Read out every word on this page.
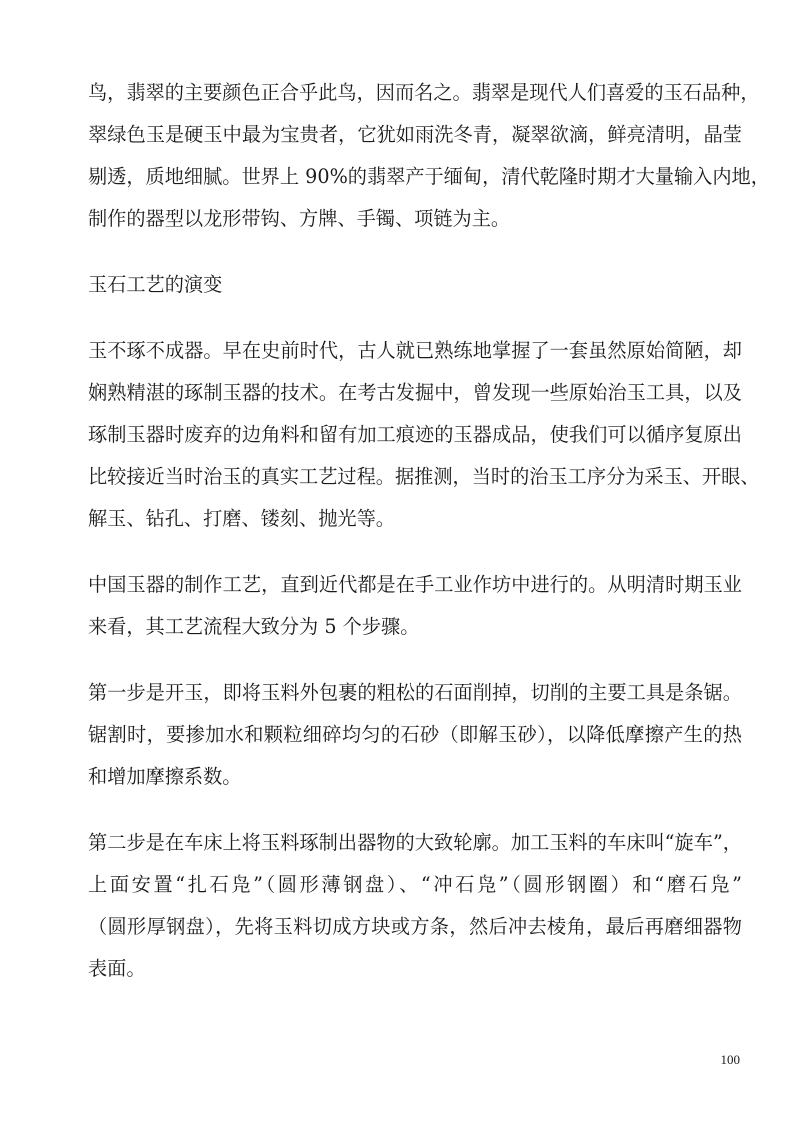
鸟，翡翠的主要颜色正合乎此鸟，因而名之。翡翠是现代人们喜爱的玉石品种，
翠绿色玉是硬玉中最为宝贵者，它犹如雨洗冬青，凝翠欲滴，鲜亮清明，晶莹
剔透，质地细腻。世界上 90%的翡翠产于缅甸，清代乾隆时期才大量输入内地，
制作的器型以龙形带钩、方牌、手镯、项链为主。

玉石工艺的演变

玉不琢不成器。早在史前时代，古人就已熟练地掌握了一套虽然原始简陋，却
娴熟精湛的琢制玉器的技术。在考古发掘中，曾发现一些原始治玉工具，以及
琢制玉器时废弃的边角料和留有加工痕迹的玉器成品，使我们可以循序复原出
比较接近当时治玉的真实工艺过程。据推测，当时的治玉工序分为采玉、开眼、
解玉、钻孔、打磨、镂刻、抛光等。

中国玉器的制作工艺，直到近代都是在手工业作坊中进行的。从明清时期玉业
来看，其工艺流程大致分为 5 个步骤。

第一步是开玉，即将玉料外包裹的粗松的石面削掉，切削的主要工具是条锯。
锯割时，要掺加水和颗粒细碎均匀的石砂（即解玉砂），以降低摩擦产生的热
和增加摩擦系数。

第二步是在车床上将玉料琢制出器物的大致轮廓。加工玉料的车床叫“旋车”，
上面安置“扎石凫”（圆形薄钢盘）、“冲石凫”（圆形钢圈）和“磨石凫”
（圆形厚钢盘），先将玉料切成方块或方条，然后冲去棱角，最后再磨细器物
表面。

100
